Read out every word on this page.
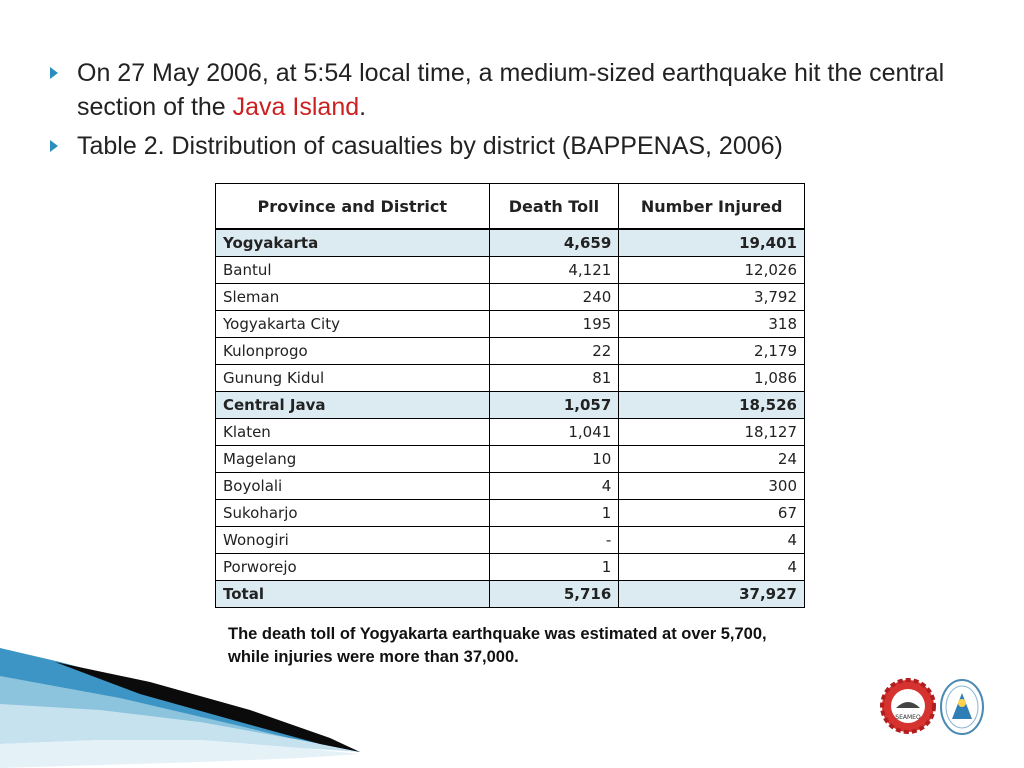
On 27 May 2006, at 5:54 local time, a medium-sized earthquake hit the central section of the Java Island.
Table 2. Distribution of casualties by district (BAPPENAS, 2006)
Province and District	Death Toll	Number Injured
Yogyakarta	4,659	19,401
Bantul	4,121	12,026
Sleman	240	3,792
Yogyakarta City	195	318
Kulonprogo	22	2,179
Gunung Kidul	81	1,086
Central Java	1,057	18,526
Klaten	1,041	18,127
Magelang	10	24
Boyolali	4	300
Sukoharjo	1	67
Wonogiri	-	4
Porworejo	1	4
Total	5,716	37,927
The death toll of Yogyakarta earthquake was estimated at over 5,700, while injuries were more than 37,000.
SEAMEO
